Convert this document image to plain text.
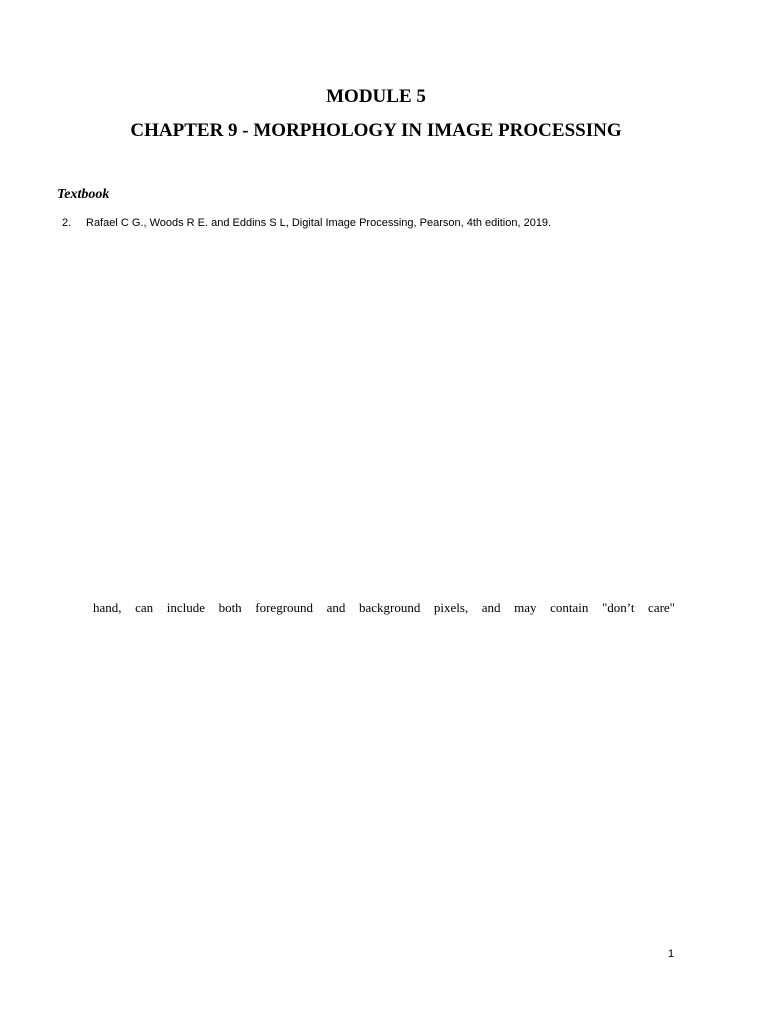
MODULE 5
CHAPTER 9 - MORPHOLOGY IN IMAGE PROCESSING
Textbook
2. Rafael C G., Woods R E. and Eddins S L, Digital Image Processing, Pearson, 4th edition, 2019.
hand, can include both foreground and background pixels, and may contain "don’t care"
1
